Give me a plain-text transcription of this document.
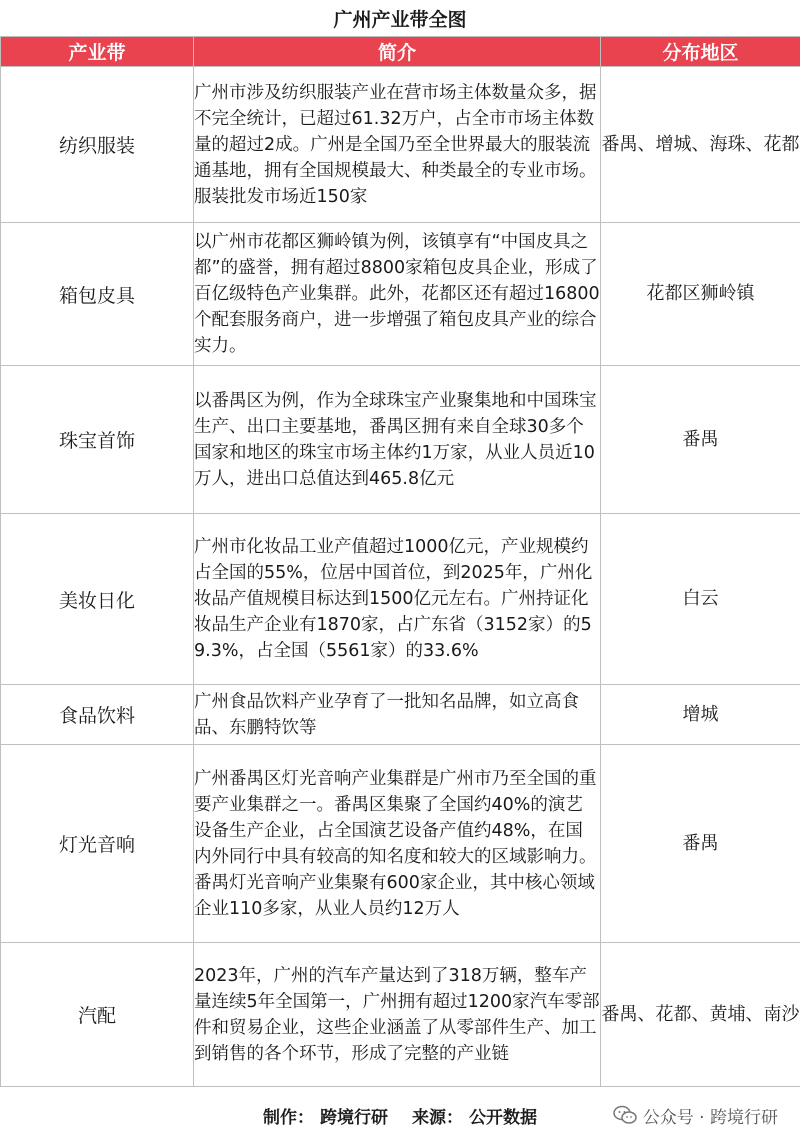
广州产业带全图
产业带	简介	分布地区
纺织服装	广州市涉及纺织服装产业在营市场主体数量众多，据不完全统计，已超过61.32万户，占全市市场主体数量的超过2成。广州是全国乃至全世界最大的服装流通基地，拥有全国规模最大、种类最全的专业市场。服装批发市场近150家	番禺、增城、海珠、花都
箱包皮具	以广州市花都区狮岭镇为例，该镇享有“中国皮具之都”的盛誉，拥有超过8800家箱包皮具企业，形成了百亿级特色产业集群。此外，花都区还有超过16800个配套服务商户，进一步增强了箱包皮具产业的综合实力。	花都区狮岭镇
珠宝首饰	以番禺区为例，作为全球珠宝产业聚集地和中国珠宝生产、出口主要基地，番禺区拥有来自全球30多个国家和地区的珠宝市场主体约1万家，从业人员近10万人，进出口总值达到465.8亿元	番禺
美妆日化	广州市化妆品工业产值超过1000亿元，产业规模约占全国的55%，位居中国首位，到2025年，广州化妆品产值规模目标达到1500亿元左右。广州持证化妆品生产企业有1870家，占广东省（3152家）的59.3%，占全国（5561家）的33.6%	白云
食品饮料	广州食品饮料产业孕育了一批知名品牌，如立高食品、东鹏特饮等	增城
灯光音响	广州番禺区灯光音响产业集群是广州市乃至全国的重要产业集群之一。番禺区集聚了全国约40%的演艺设备生产企业，占全国演艺设备产值约48%，在国内外同行中具有较高的知名度和较大的区域影响力。番禺灯光音响产业集聚有600家企业，其中核心领域企业110多家，从业人员约12万人	番禺
汽配	2023年，广州的汽车产量达到了318万辆，整车产量连续5年全国第一，广州拥有超过1200家汽车零部件和贸易企业，这些企业涵盖了从零部件生产、加工到销售的各个环节，形成了完整的产业链	番禺、花都、黄埔、南沙
制作： 跨境行研 来源： 公开数据	公众号 · 跨境行研
